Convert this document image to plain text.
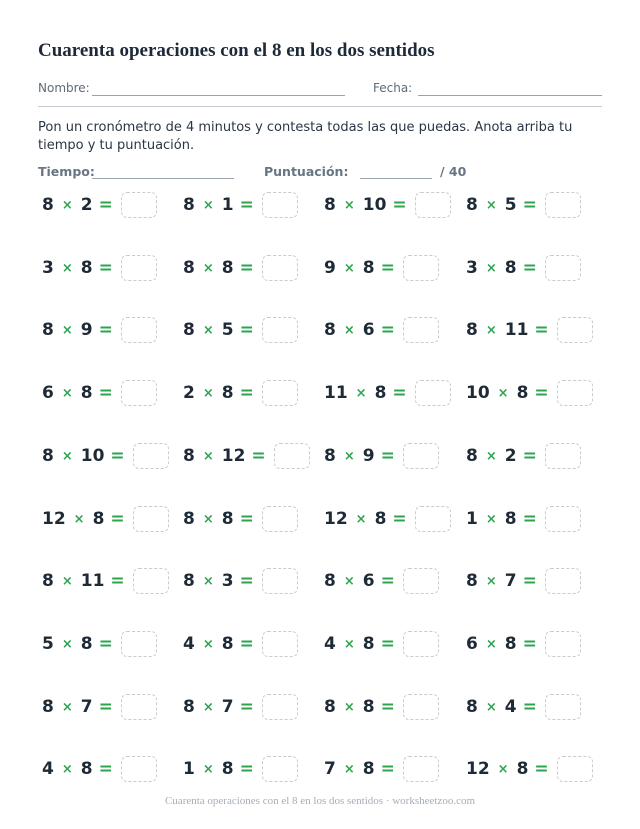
Cuarenta operaciones con el 8 en los dos sentidos
Nombre:	Fecha:
Pon un cronómetro de 4 minutos y contesta todas las que puedas. Anota arriba tu tiempo y tu puntuación.
Tiempo:	Puntuación:	/ 40
8 × 2 =	8 × 1 =	8 × 10 =	8 × 5 =
3 × 8 =	8 × 8 =	9 × 8 =	3 × 8 =
8 × 9 =	8 × 5 =	8 × 6 =	8 × 11 =
6 × 8 =	2 × 8 =	11 × 8 =	10 × 8 =
8 × 10 =	8 × 12 =	8 × 9 =	8 × 2 =
12 × 8 =	8 × 8 =	12 × 8 =	1 × 8 =
8 × 11 =	8 × 3 =	8 × 6 =	8 × 7 =
5 × 8 =	4 × 8 =	4 × 8 =	6 × 8 =
8 × 7 =	8 × 7 =	8 × 8 =	8 × 4 =
4 × 8 =	1 × 8 =	7 × 8 =	12 × 8 =
Cuarenta operaciones con el 8 en los dos sentidos · worksheetzoo.com
